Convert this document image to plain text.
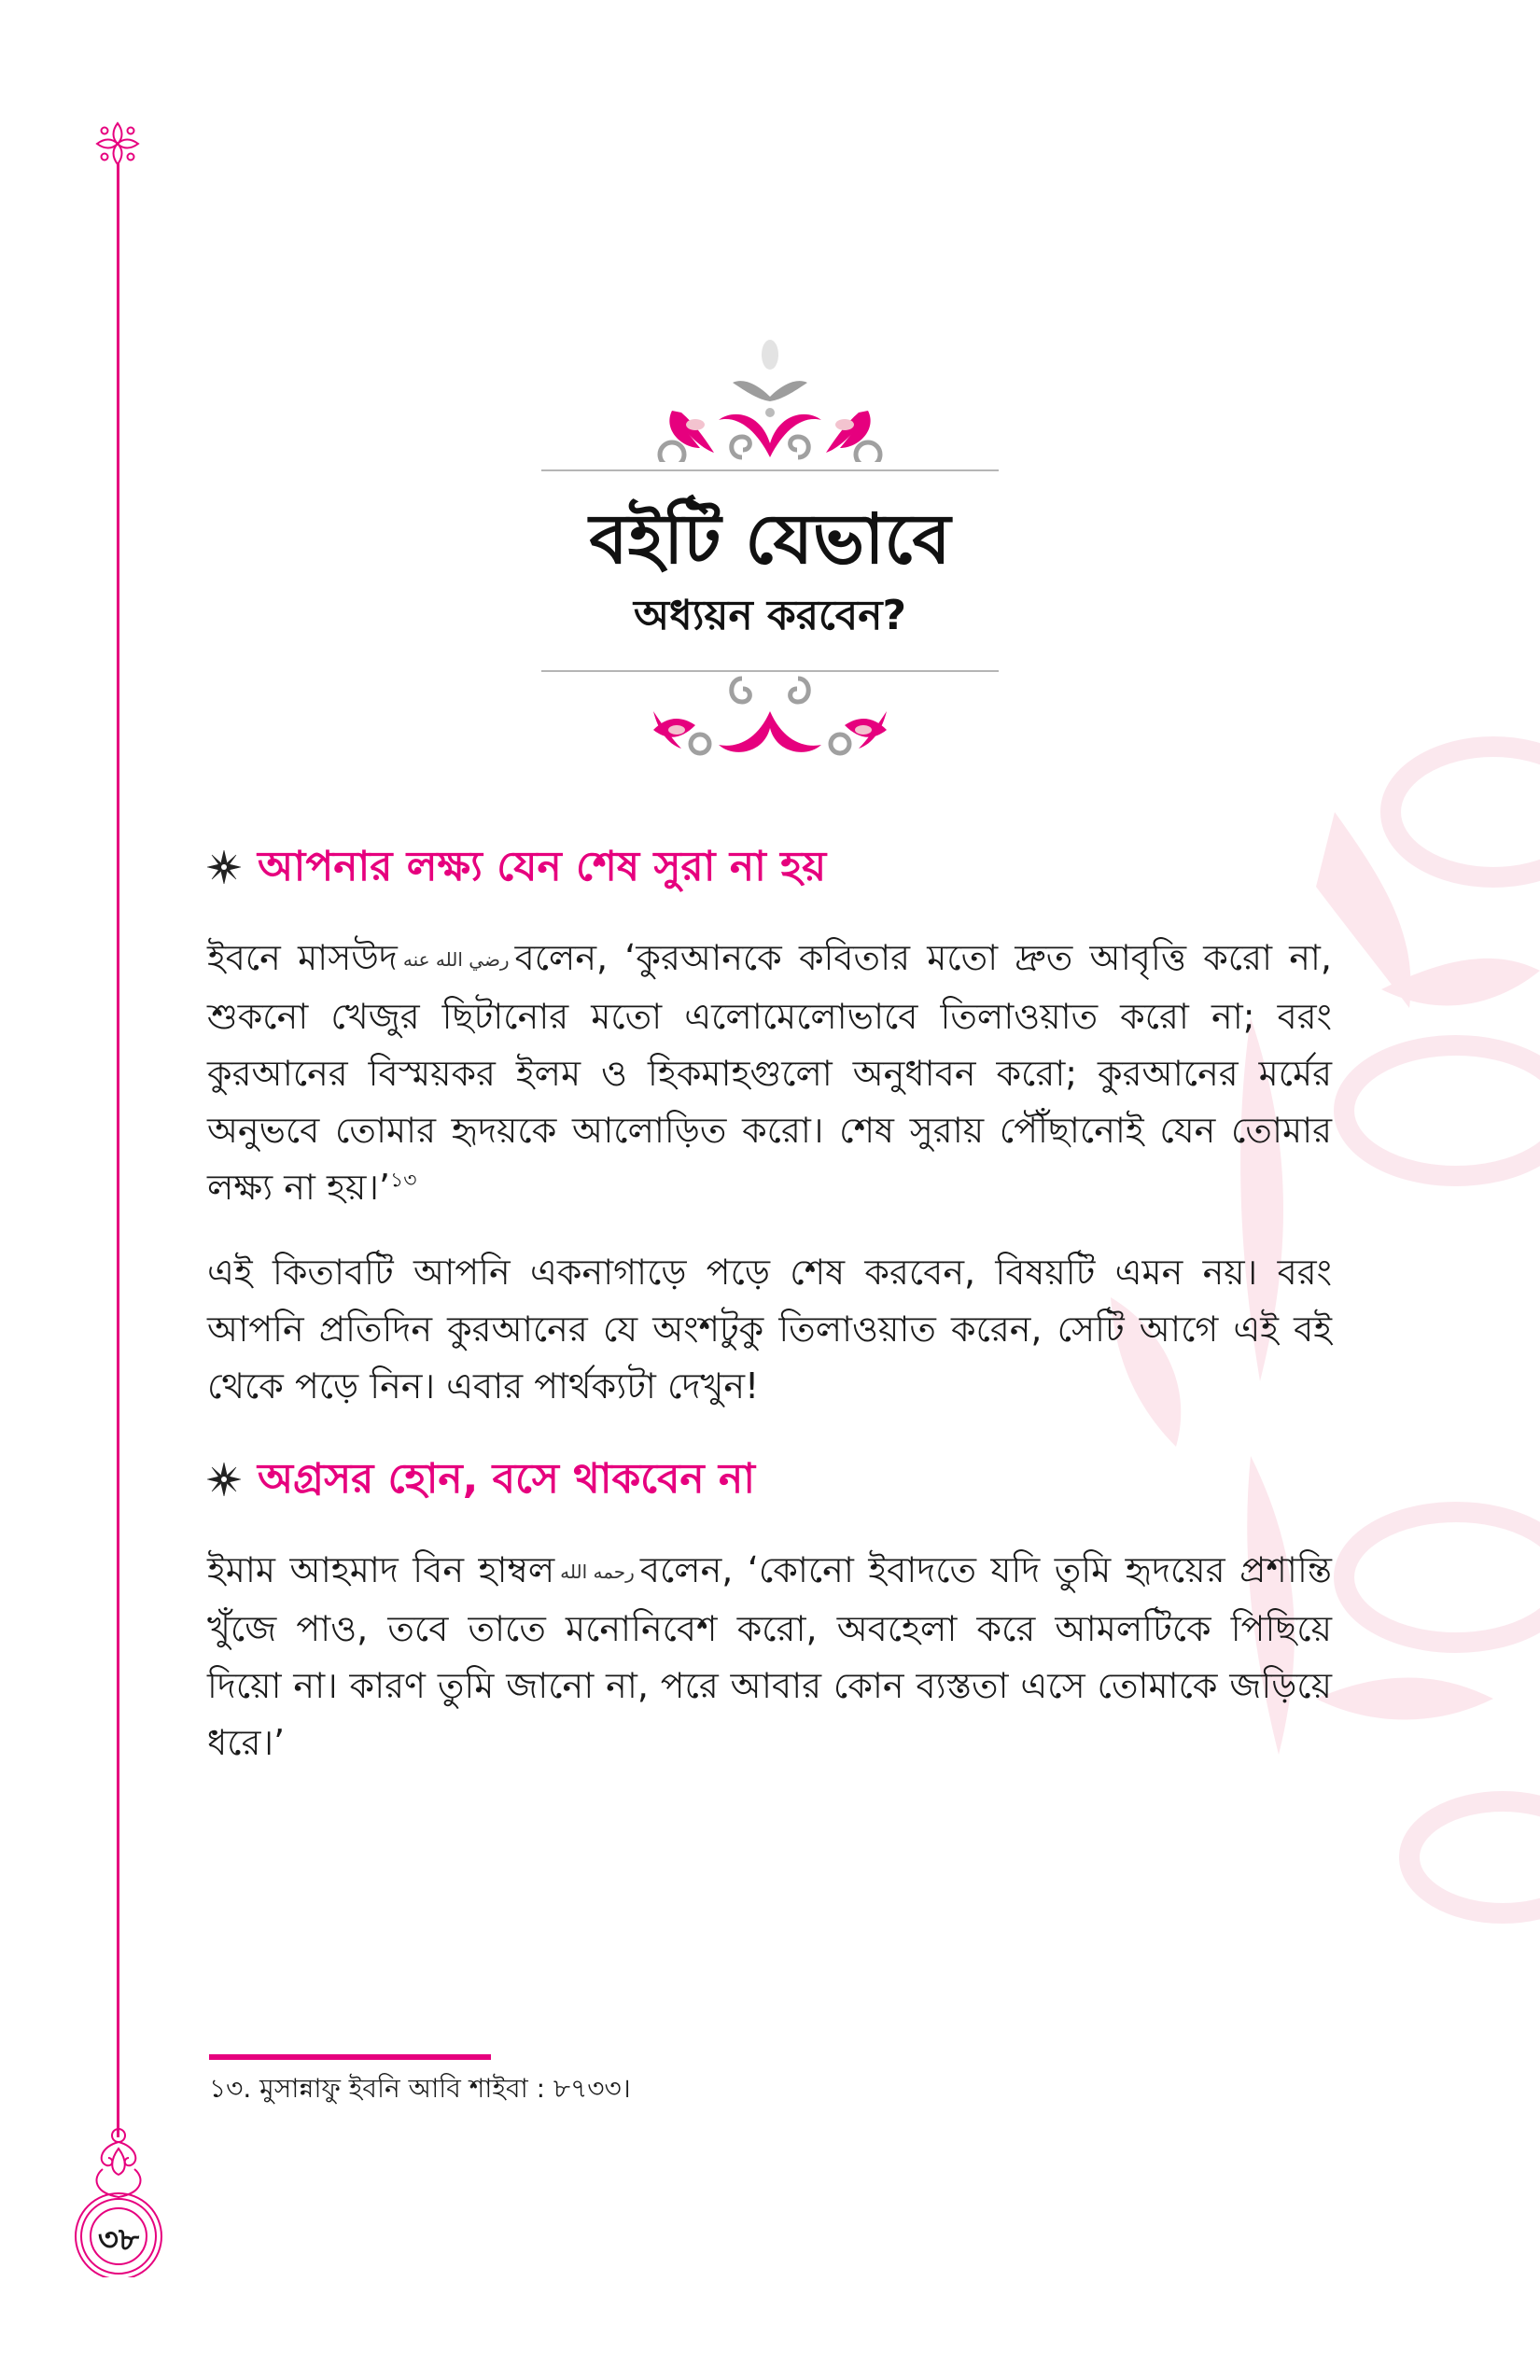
৩৮
বইটি যেভাবে
অধ্যয়ন করবেন?
আপনার লক্ষ্য যেন শেষ সুরা না হয়

ইবনে মাসউদ رضي الله عنه বলেন, ‘কুরআনকে কবিতার মতো দ্রুত আবৃত্তি করো না, শুকনো খেজুর ছিটানোর মতো এলোমেলোভাবে তিলাওয়াত করো না; বরং কুরআনের বিস্ময়কর ইলম ও হিকমাহগুলো অনুধাবন করো; কুরআনের মর্মের অনুভবে তোমার হৃদয়কে আলোড়িত করো। শেষ সুরায় পৌঁছানোই যেন তোমার লক্ষ্য না হয়।’$^{১৩}$

এই কিতাবটি আপনি একনাগাড়ে পড়ে শেষ করবেন, বিষয়টি এমন নয়। বরং আপনি প্রতিদিন কুরআনের যে অংশটুকু তিলাওয়াত করেন, সেটি আগে এই বই থেকে পড়ে নিন। এবার পার্থক্যটা দেখুন!

অগ্রসর হোন, বসে থাকবেন না

ইমাম আহমাদ বিন হাম্বল رحمه الله বলেন, ‘কোনো ইবাদতে যদি তুমি হৃদয়ের প্রশান্তি খুঁজে পাও, তবে তাতে মনোনিবেশ করো, অবহেলা করে আমলটিকে পিছিয়ে দিয়ো না। কারণ তুমি জানো না, পরে আবার কোন ব্যস্ততা এসে তোমাকে জড়িয়ে ধরে।’

১৩. মুসান্নাফু ইবনি আবি শাইবা : ৮৭৩৩।
